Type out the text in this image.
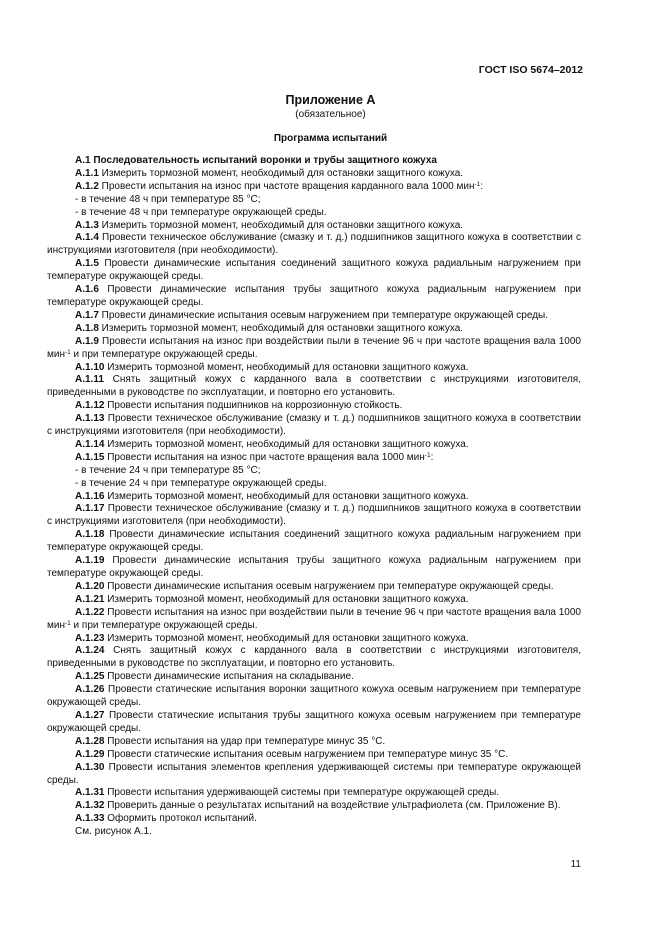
ГОСТ ISO 5674–2012
Приложение А
(обязательное)
Программа испытаний

А.1 Последовательность испытаний воронки и трубы защитного кожуха

А.1.1 Измерить тормозной момент, необходимый для остановки защитного кожуха.

А.1.2 Провести испытания на износ при частоте вращения карданного вала 1000 мин$^{-1}$:

- в течение 48 ч при температуре 85 °С;

- в течение 48 ч при температуре окружающей среды.

А.1.3 Измерить тормозной момент, необходимый для остановки защитного кожуха.

А.1.4 Провести техническое обслуживание (смазку и т. д.) подшипников защитного кожуха в соответствии с инструкциями изготовителя (при необходимости).

А.1.5 Провести динамические испытания соединений защитного кожуха радиальным нагружением при температуре окружающей среды.

А.1.6 Провести динамические испытания трубы защитного кожуха радиальным нагружением при температуре окружающей среды.

А.1.7 Провести динамические испытания осевым нагружением при температуре окружающей среды.

А.1.8 Измерить тормозной момент, необходимый для остановки защитного кожуха.

А.1.9 Провести испытания на износ при воздействии пыли в течение 96 ч при частоте вращения вала 1000 мин$^{-1}$ и при температуре окружающей среды.

А.1.10 Измерить тормозной момент, необходимый для остановки защитного кожуха.

А.1.11 Снять защитный кожух с карданного вала в соответствии с инструкциями изготовителя, приведенными в руководстве по эксплуатации, и повторно его установить.

А.1.12 Провести испытания подшипников на коррозионную стойкость.

А.1.13 Провести техническое обслуживание (смазку и т. д.) подшипников защитного кожуха в соответствии с инструкциями изготовителя (при необходимости).

А.1.14 Измерить тормозной момент, необходимый для остановки защитного кожуха.

А.1.15 Провести испытания на износ при частоте вращения вала 1000 мин$^{-1}$:

- в течение 24 ч при температуре 85 °С;

- в течение 24 ч при температуре окружающей среды.

А.1.16 Измерить тормозной момент, необходимый для остановки защитного кожуха.

А.1.17 Провести техническое обслуживание (смазку и т. д.) подшипников защитного кожуха в соответствии с инструкциями изготовителя (при необходимости).

А.1.18 Провести динамические испытания соединений защитного кожуха радиальным нагружением при температуре окружающей среды.

А.1.19 Провести динамические испытания трубы защитного кожуха радиальным нагружением при температуре окружающей среды.

А.1.20 Провести динамические испытания осевым нагружением при температуре окружающей среды.

А.1.21 Измерить тормозной момент, необходимый для остановки защитного кожуха.

А.1.22 Провести испытания на износ при воздействии пыли в течение 96 ч при частоте вращения вала 1000 мин$^{-1}$ и при температуре окружающей среды.

А.1.23 Измерить тормозной момент, необходимый для остановки защитного кожуха.

А.1.24 Снять защитный кожух с карданного вала в соответствии с инструкциями изготовителя, приведенными в руководстве по эксплуатации, и повторно его установить.

А.1.25 Провести динамические испытания на складывание.

А.1.26 Провести статические испытания воронки защитного кожуха осевым нагружением при температуре окружающей среды.

А.1.27 Провести статические испытания трубы защитного кожуха осевым нагружением при температуре окружающей среды.

А.1.28 Провести испытания на удар при температуре минус 35 °С.

А.1.29 Провести статические испытания осевым нагружением при температуре минус 35 °С.

А.1.30 Провести испытания элементов крепления удерживающей системы при температуре окружающей среды.

А.1.31 Провести испытания удерживающей системы при температуре окружающей среды.

А.1.32 Проверить данные о результатах испытаний на воздействие ультрафиолета (см. Приложение В).

А.1.33 Оформить протокол испытаний.

См. рисунок А.1.

11
